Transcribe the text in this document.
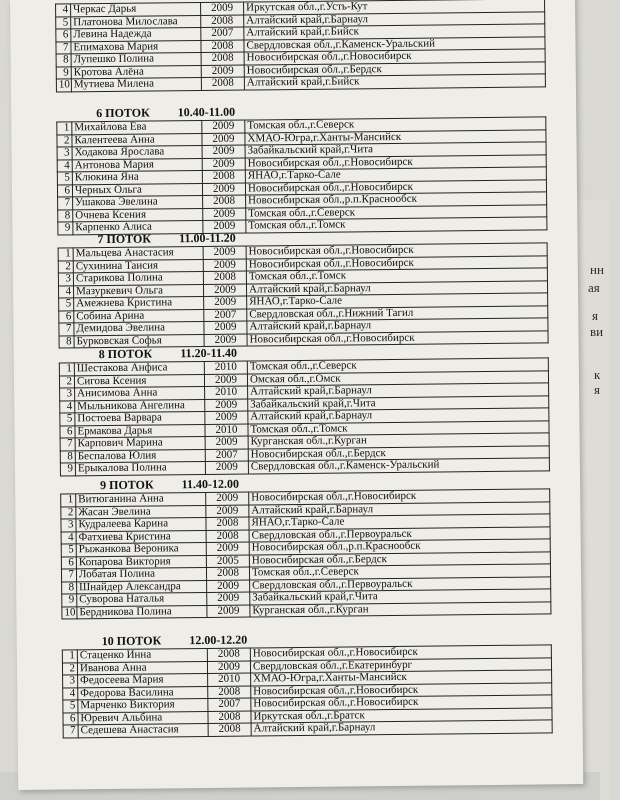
нн
ая
я
ви
к
я
4	Черкас Дарья	2009	Иркутская обл.,г.Усть-Кут
5	Платонова Милослава	2008	Алтайский край,г.Барнаул
6	Левина Надежда	2007	Алтайский край,г.Бийск
7	Епимахова Мария	2008	Свердловская обл.,г.Каменск-Уральский
8	Лупешко Полина	2008	Новосибирская обл.,г.Новосибирск
9	Кротова Алёна	2009	Новосибирская обл.,г.Бердск
10	Мутиева Милена	2008	Алтайский край,г.Бийск
6 ПОТОК 10.40-11.00
1	Михайлова Ева	2009	Томская обл.,г.Северск
2	Калентеева Анна	2009	ХМАО-Югра,г.Ханты-Мансийск
3	Ходакова Ярослава	2009	Забайкальский край,г.Чита
4	Антонова Мария	2009	Новосибирская обл.,г.Новосибирск
5	Клюкина Яна	2008	ЯНАО,г.Тарко-Сале
6	Черных Ольга	2009	Новосибирская обл.,г.Новосибирск
7	Ушакова Эвелина	2008	Новосибирская обл.,р.п.Краснообск
8	Очнева Ксения	2009	Томская обл.,г.Северск
9	Карпенко Алиса	2009	Томская обл.,г.Томск
7 ПОТОК 11.00-11.20
1	Мальцева Анастасия	2009	Новосибирская обл.,г.Новосибирск
2	Сухинина Таисия	2009	Новосибирская обл.,г.Новосибирск
3	Старикова Полина	2008	Томская обл.,г.Томск
4	Мазуркевич Ольга	2009	Алтайский край,г.Барнаул
5	Амежнева Кристина	2009	ЯНАО,г.Тарко-Сале
6	Собина Арина	2007	Свердловская обл.,г.Нижний Тагил
7	Демидова Эвелина	2009	Алтайский край,г.Барнаул
8	Бурковская Софья	2009	Новосибирская обл.,г.Новосибирск
8 ПОТОК 11.20-11.40
1	Шестакова Анфиса	2010	Томская обл.,г.Северск
2	Сигова Ксения	2009	Омская обл.,г.Омск
3	Анисимова Анна	2010	Алтайский край,г.Барнаул
4	Мыльникова Ангелина	2009	Забайкальский край,г.Чита
5	Постоева Варвара	2009	Алтайский край,г.Барнаул
6	Ермакова Дарья	2010	Томская обл.,г.Томск
7	Карпович Марина	2009	Курганская обл.,г.Курган
8	Беспалова Юлия	2007	Новосибирская обл.,г.Бердск
9	Ерыкалова Полина	2009	Свердловская обл.,г.Каменск-Уральский
9 ПОТОК 11.40-12.00
1	Витюганина Анна	2009	Новосибирская обл.,г.Новосибирск
2	Жасан Эвелина	2009	Алтайский край,г.Барнаул
3	Кудралеева Карина	2008	ЯНАО,г.Тарко-Сале
4	Фатхиева Кристина	2008	Свердловская обл.,г.Первоуральск
5	Рыжанкова Вероника	2009	Новосибирская обл.,р.п.Краснообск
6	Копарова Виктория	2005	Новосибирская обл.,г.Бердск
7	Лобатая Полина	2008	Томская обл.,г.Северск
8	Шнайдер Александра	2009	Свердловская обл.,г.Первоуральск
9	Суворова Наталья	2009	Забайкальский край,г.Чита
10	Бердникова Полина	2009	Курганская обл.,г.Курган
10 ПОТОК 12.00-12.20
1	Стаценко Инна	2008	Новосибирская обл.,г.Новосибирск
2	Иванова Анна	2009	Свердловская обл.,г.Екатеринбург
3	Федосеева Мария	2010	ХМАО-Югра,г.Ханты-Мансийск
4	Федорова Василина	2008	Новосибирская обл.,г.Новосибирск
5	Марченко Виктория	2007	Новосибирская обл.,г.Новосибирск
6	Юревич Альбина	2008	Иркутская обл.,г.Братск
7	Седешева Анастасия	2008	Алтайский край,г.Барнаул
